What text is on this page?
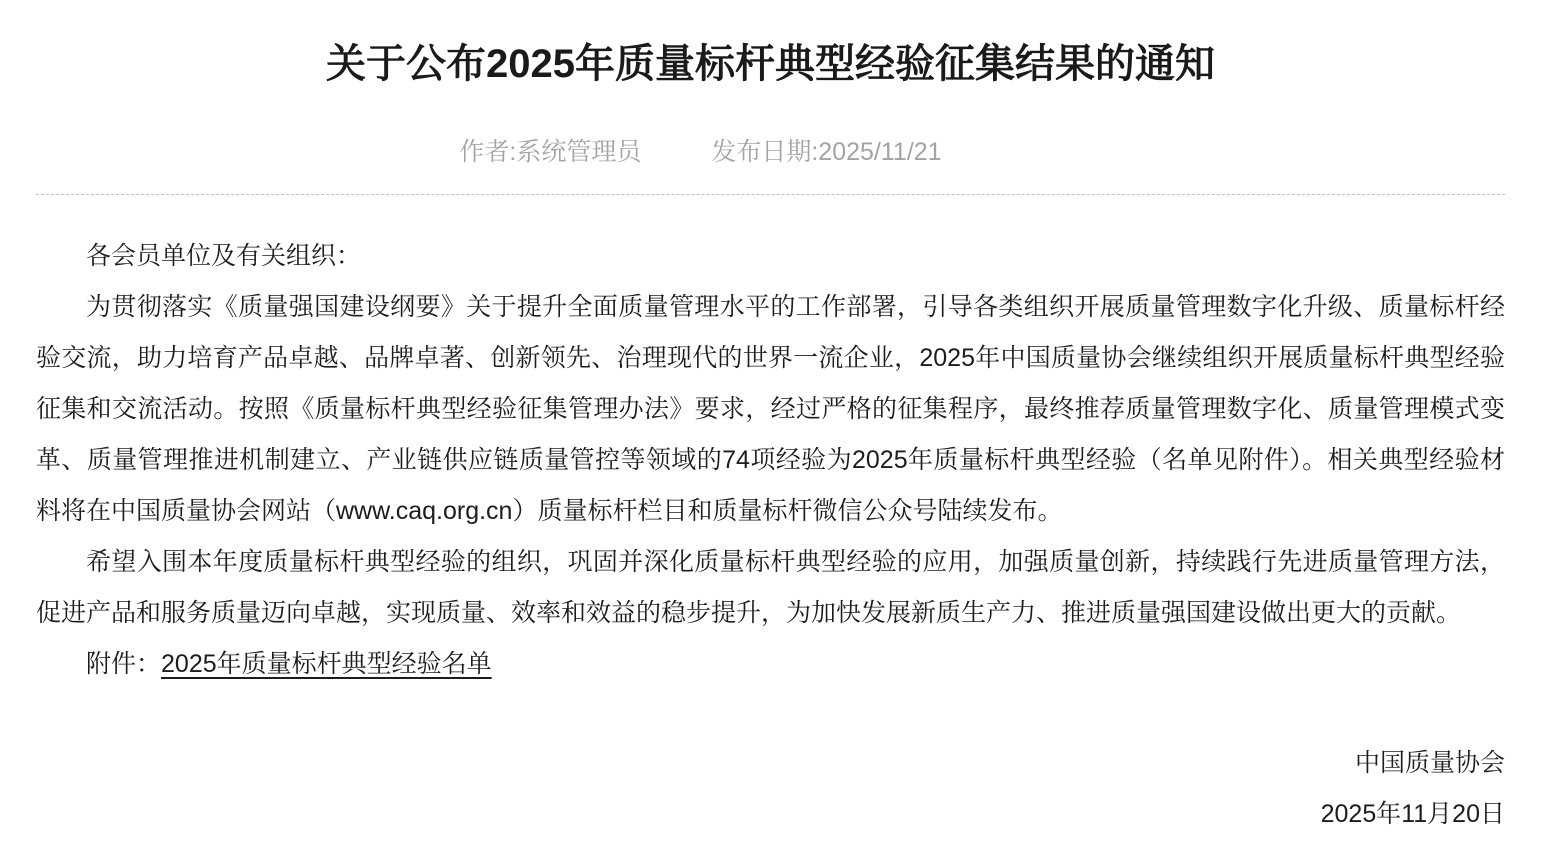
关于公布2025年质量标杆典型经验征集结果的通知
作者:系统管理员	发布日期:2025/11/21

各会员单位及有关组织：

为贯彻落实《质量强国建设纲要》关于提升全面质量管理水平的工作部署，引导各类组织开展质量管理数字化升级、质量标杆经验交流，助力培育产品卓越、品牌卓著、创新领先、治理现代的世界一流企业，2025年中国质量协会继续组织开展质量标杆典型经验征集和交流活动。按照《质量标杆典型经验征集管理办法》要求，经过严格的征集程序，最终推荐质量管理数字化、质量管理模式变革、质量管理推进机制建立、产业链供应链质量管控等领域的74项经验为2025年质量标杆典型经验（名单见附件）。相关典型经验材料将在中国质量协会网站（www.caq.org.cn）质量标杆栏目和质量标杆微信公众号陆续发布。

希望入围本年度质量标杆典型经验的组织，巩固并深化质量标杆典型经验的应用，加强质量创新，持续践行先进质量管理方法，促进产品和服务质量迈向卓越，实现质量、效率和效益的稳步提升，为加快发展新质生产力、推进质量强国建设做出更大的贡献。

附件：2025年质量标杆典型经验名单
中国质量协会
2025年11月20日
